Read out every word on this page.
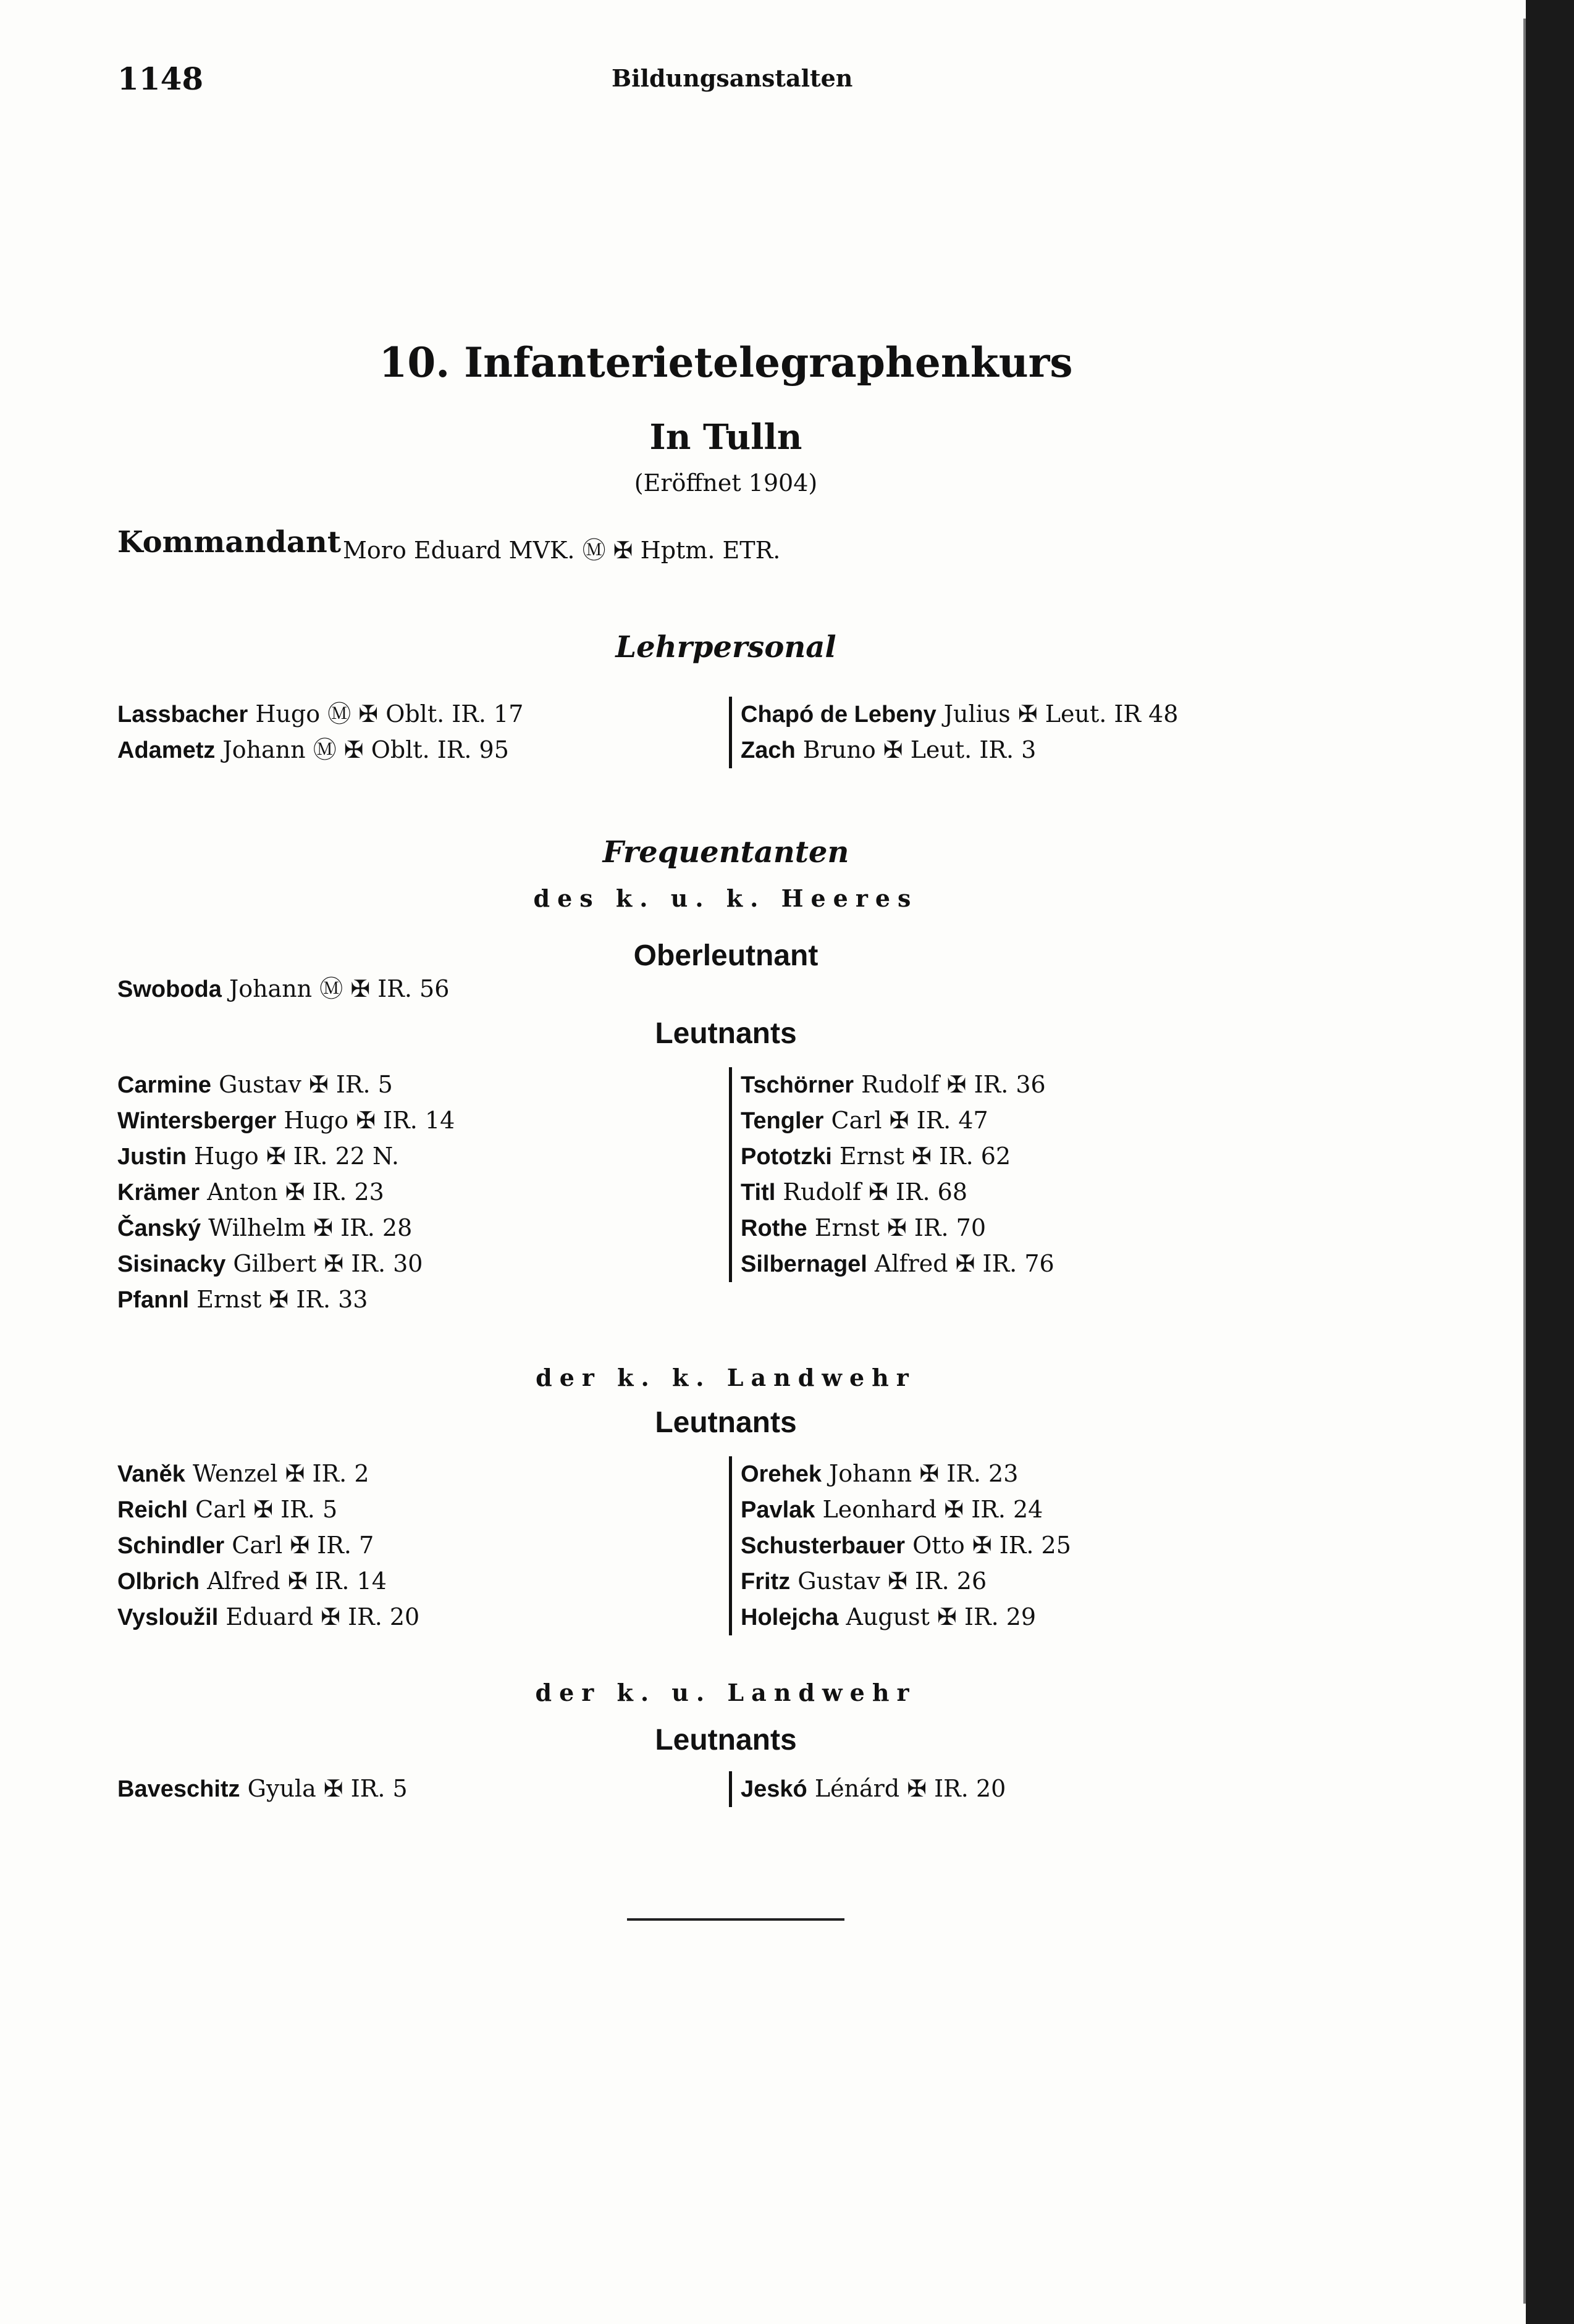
1148	Bildungsanstalten
10. Infanterietelegraphenkurs
In Tulln
(Eröffnet 1904)
Kommandant Moro Eduard MVK. Ⓜ ✠ Hptm. ETR.
Lehrpersonal
Lassbacher Hugo Ⓜ ✠ Oblt. IR. 17
Adametz Johann Ⓜ ✠ Oblt. IR. 95
Chapó de Lebeny Julius ✠ Leut. IR 48
Zach Bruno ✠ Leut. IR. 3
Frequentanten
des k. u. k. Heeres
Oberleutnant
Swoboda Johann Ⓜ ✠ IR. 56
Leutnants
Carmine Gustav ✠ IR. 5
Wintersberger Hugo ✠ IR. 14
Justin Hugo ✠ IR. 22 N.
Krämer Anton ✠ IR. 23
Čanský Wilhelm ✠ IR. 28
Sisinacky Gilbert ✠ IR. 30
Pfannl Ernst ✠ IR. 33
Tschörner Rudolf ✠ IR. 36
Tengler Carl ✠ IR. 47
Pototzki Ernst ✠ IR. 62
Titl Rudolf ✠ IR. 68
Rothe Ernst ✠ IR. 70
Silbernagel Alfred ✠ IR. 76
der k. k. Landwehr
Leutnants
Vaněk Wenzel ✠ IR. 2
Reichl Carl ✠ IR. 5
Schindler Carl ✠ IR. 7
Olbrich Alfred ✠ IR. 14
Vysloužil Eduard ✠ IR. 20
Orehek Johann ✠ IR. 23
Pavlak Leonhard ✠ IR. 24
Schusterbauer Otto ✠ IR. 25
Fritz Gustav ✠ IR. 26
Holejcha August ✠ IR. 29
der k. u. Landwehr
Leutnants
Baveschitz Gyula ✠ IR. 5	Jeskó Lénárd ✠ IR. 20
